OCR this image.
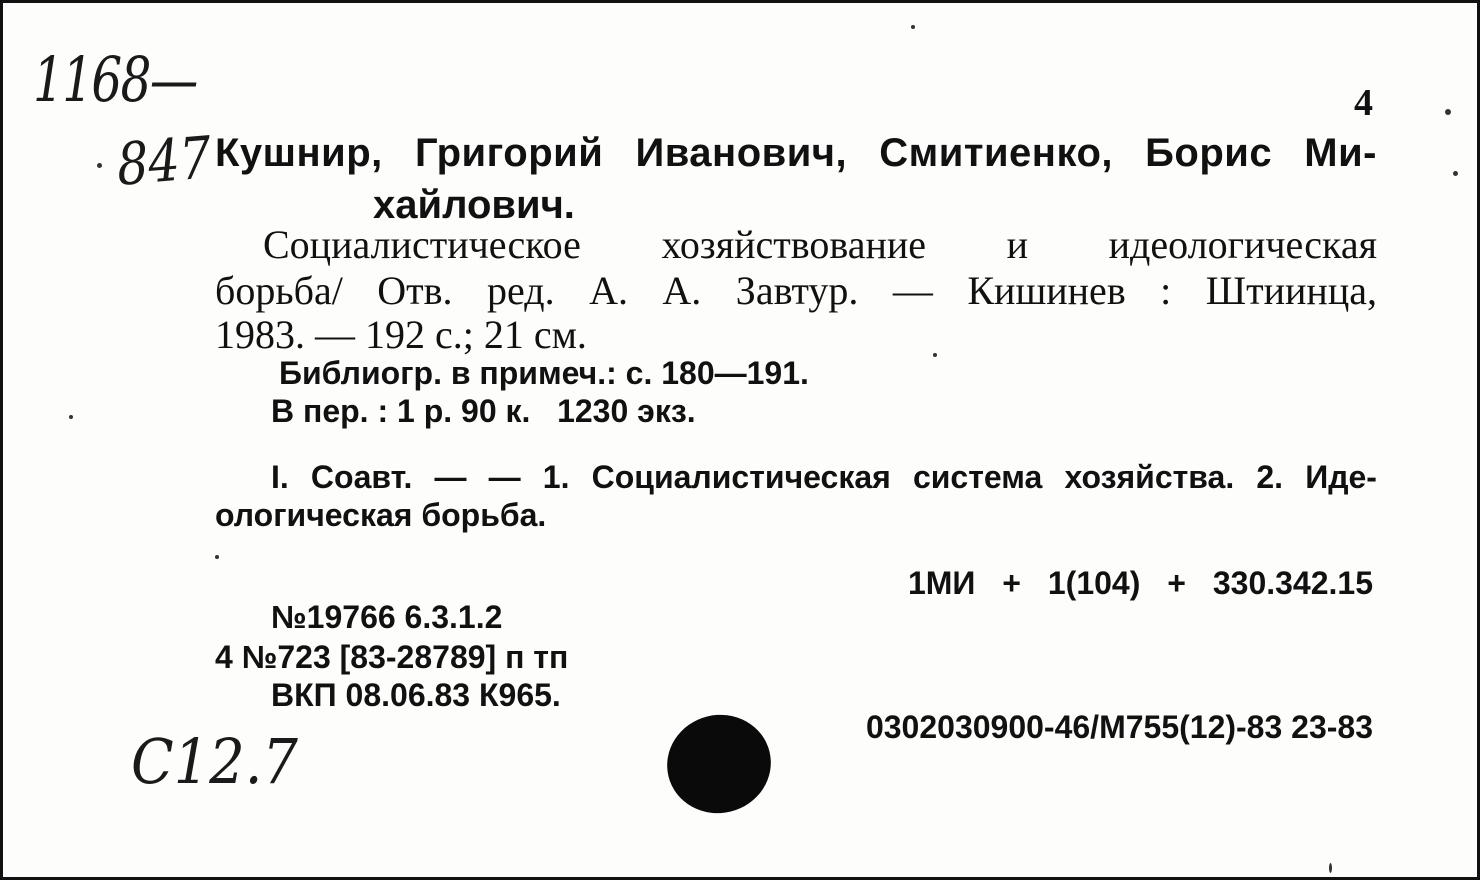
1168—
847
4
Кушнир, Григорий Иванович, Смитиенко, Борис Ми-
хайлович.
Социалистическое хозяйствование и идеологическая
борьба/ Отв. ред. А. А. Завтур. — Кишинев : Штиинца,
1983. — 192 с.; 21 см.
Библиогр. в примеч.: с. 180—191.
В пер. : 1 р. 90 к.   1230 экз.
I. Соавт. — — 1. Социалистическая система хозяйства. 2. Иде-
ологическая борьба.
1МИ + 1(104) + 330.342.15
№19766 6.3.1.2
4 №723 [83-28789] п тп
ВКП 08.06.83 К965.
0302030900-46/М755(12)-83 23-83
С12.7
